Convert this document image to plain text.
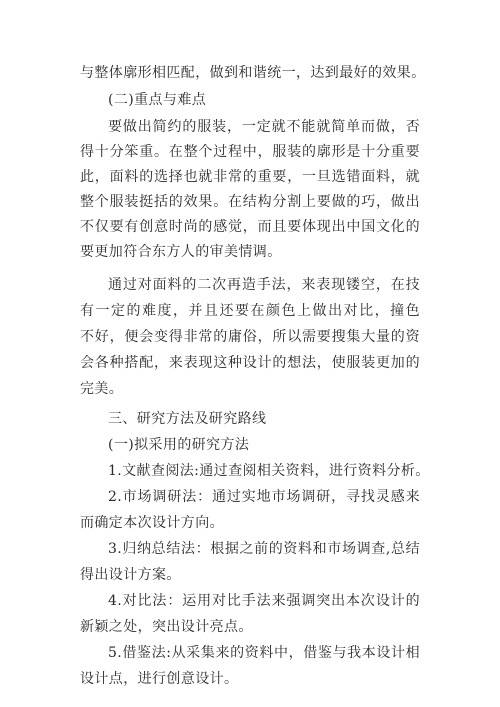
与整体廓形相匹配，做到和谐统一，达到最好的效果。
(二)重点与难点
要做出简约的服装，一定就不能就简单而做，否
得十分笨重。在整个过程中，服装的廓形是十分重要
此，面料的选择也就非常的重要，一旦选错面料，就
整个服装挺括的效果。在结构分割上要做的巧，做出
不仅要有创意时尚的感觉，而且要体现出中国文化的
要更加符合东方人的审美情调。
通过对面料的二次再造手法，来表现镂空，在技
有一定的难度，并且还要在颜色上做出对比，撞色
不好，便会变得非常的庸俗，所以需要搜集大量的资
会各种搭配，来表现这种设计的想法，使服装更加的
完美。
三、研究方法及研究路线
(一)拟采用的研究方法
1.文献查阅法:通过查阅相关资料，进行资料分析。
2.市场调研法：通过实地市场调研，寻找灵感来
而确定本次设计方向。
3.归纳总结法：根据之前的资料和市场调查,总结
得出设计方案。
4.对比法：运用对比手法来强调突出本次设计的
新颖之处，突出设计亮点。
5.借鉴法:从采集来的资料中，借鉴与我本设计相
设计点，进行创意设计。
